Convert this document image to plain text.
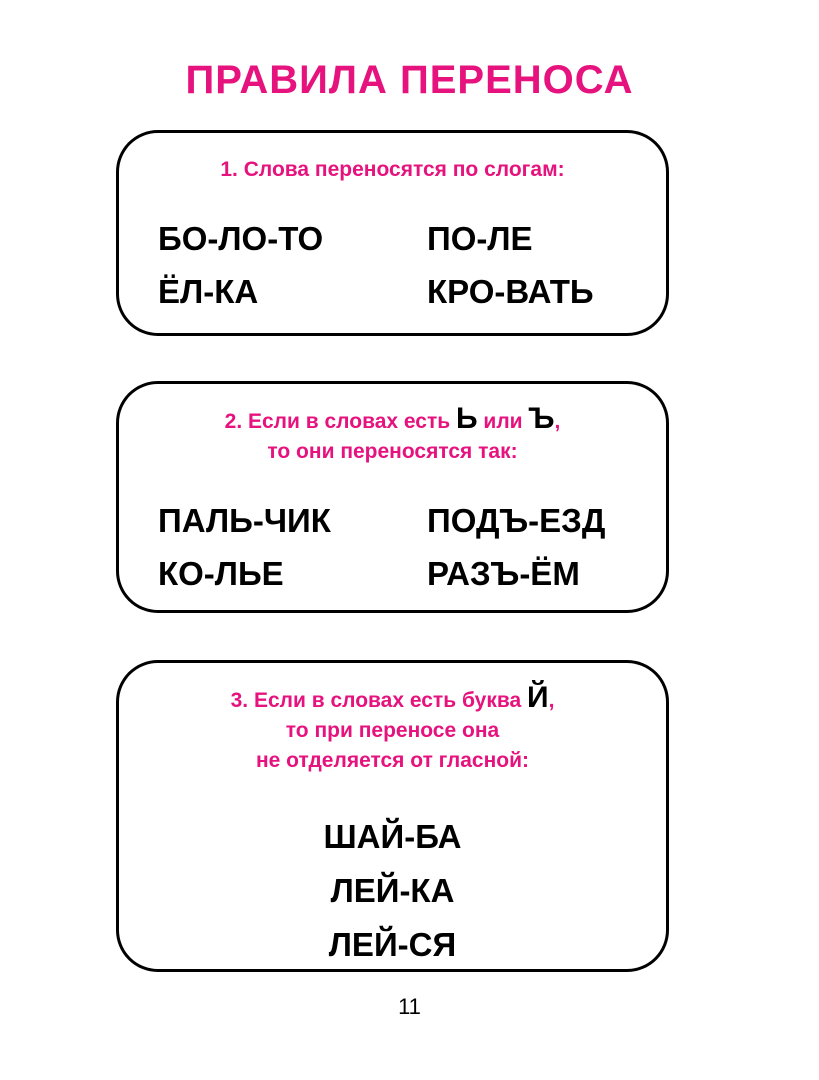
ПРАВИЛА ПЕРЕНОСА
1. Слова переносятся по слогам:
БО-ЛО-ТО	ПО-ЛЕ
ЁЛ-КА	КРО-ВАТЬ
2. Если в словах есть Ь или Ъ,
то они переносятся так:
ПАЛЬ-ЧИК	ПОДЪ-ЕЗД
КО-ЛЬЕ	РАЗЪ-ЁМ
3. Если в словах есть буква Й,
то при переносе она
не отделяется от гласной:
ШАЙ-БА
ЛЕЙ-КА
ЛЕЙ-СЯ
11
